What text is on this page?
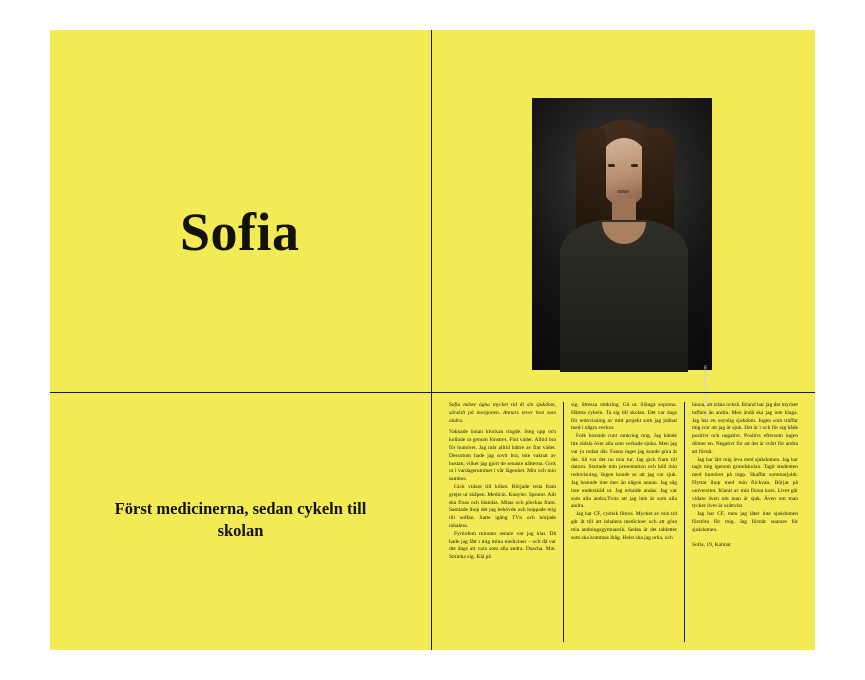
Sofia
Först medicinerna, sedan cykeln till skolan
Foto: Jonas Lindström

Sofia måste ägna mycket tid åt sin sjukdom, särskilt på morgonen. Annars lever hon som andra.

Vaknade innan klockan ringde. Steg upp och kollade ut genom fönstret. Fint väder. Alltid bra för humöret. Jag mår alltid bättre av fint väder. Dessutom hade jag sovit bra, inte vaknat av hostan, vilket jag gjort de senaste nätterna. Gick ut i vardagsrummet i vår lägenhet. Min och min sambos.

Gick vidare till köket. Började reda fram grejer ur skåpen. Medicin. Knayler. Sprutor. Allt ska fixas och blandas. Mitas och plockas fram. Samlade ihop det jag behövde och hoppade mig till soffan. Satte igång TVn och började inhalera.

Fyrtiofem minuter senare var jag klar. Då hade jag fått i mig mina mediciner – och då var det dags att vara som alla andra. Duscha. Mat. Sminka sig. Klä på

sig. Stressa omkring. Gå ut. Slänga soporna. Hämta cykeln. Ta sig till skolan. Det var dags för redovisning av mitt projekt som jag jobbat med i några veckor.

Folk hostade runt omkring mig. Jag kände lite rädsla över alla som verkade sjuka. Men jag var ju rodan där. Fanns inget jag kunde göra åt det. Så var det nu mia tur. Jag gick fram till datorn. Startade min presentation och höll min redovisning. Ingen kunde se att jag var sjuk. Jag hostade inte mer än någon annan. Jag såg inte underskäd ut. Jag erkaide andas. Jag var som alla andra.Trots att jag inte är som alla andra.

Jag har CF, cystisk fibros. Mycket av min tid går åt till att inhalera mediciner och att göra mia andningsgymnastik. Sedan är det tabletter som ska kommas ihåg. Helst ska jag orka, och

hinna, att träna också. Ibland har jag det mycket tuffare än andra. Men ändå ska jag inte klaga. Jag har en osynlig sjukdom. Ingen som träffar mig tror att jag är sjuk. Det är i och för sig både positivt och negativt. Positivt eftersom ingen dömer en. Negativt för att det är svårt för andra att förstå.

Jag har lärt mig leva med sjukdomen. Jag har tagit mig igenom grundskolan. Tagit studenten med humöret på topp. Skaffat sommarjobb. Flyttat ihop med min flickvan. Börjat på universitet. Klarat av min första kurs. Livet går vidare även om man är sjuk. Även om man tycker livet är orättvist.

Jag har CF, men jag låter inte sjukdomen förstöra för mig. Jag förstår snarare för sjukdomen.

Sofia, 19, Kalmar
